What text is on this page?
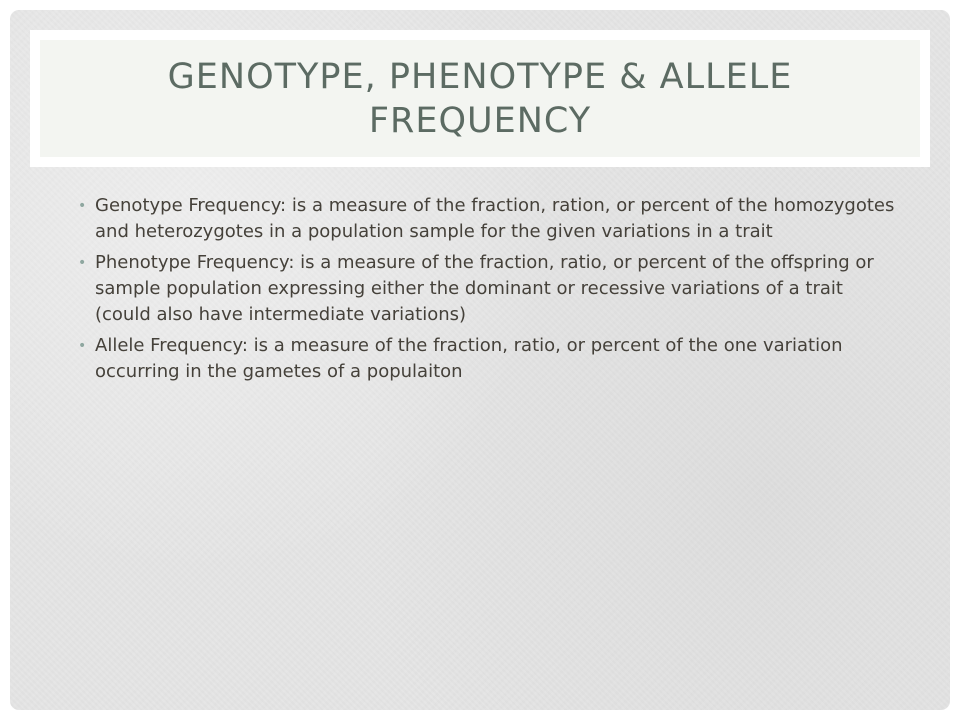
GENOTYPE, PHENOTYPE & ALLELE FREQUENCY
• Genotype Frequency: is a measure of the fraction, ration, or percent of the homozygotes and heterozygotes in a population sample for the given variations in a trait
• Phenotype Frequency: is a measure of the fraction, ratio, or percent of the offspring or sample population expressing either the dominant or recessive variations of a trait (could also have intermediate variations)
• Allele Frequency: is a measure of the fraction, ratio, or percent of the one variation occurring in the gametes of a populaiton
